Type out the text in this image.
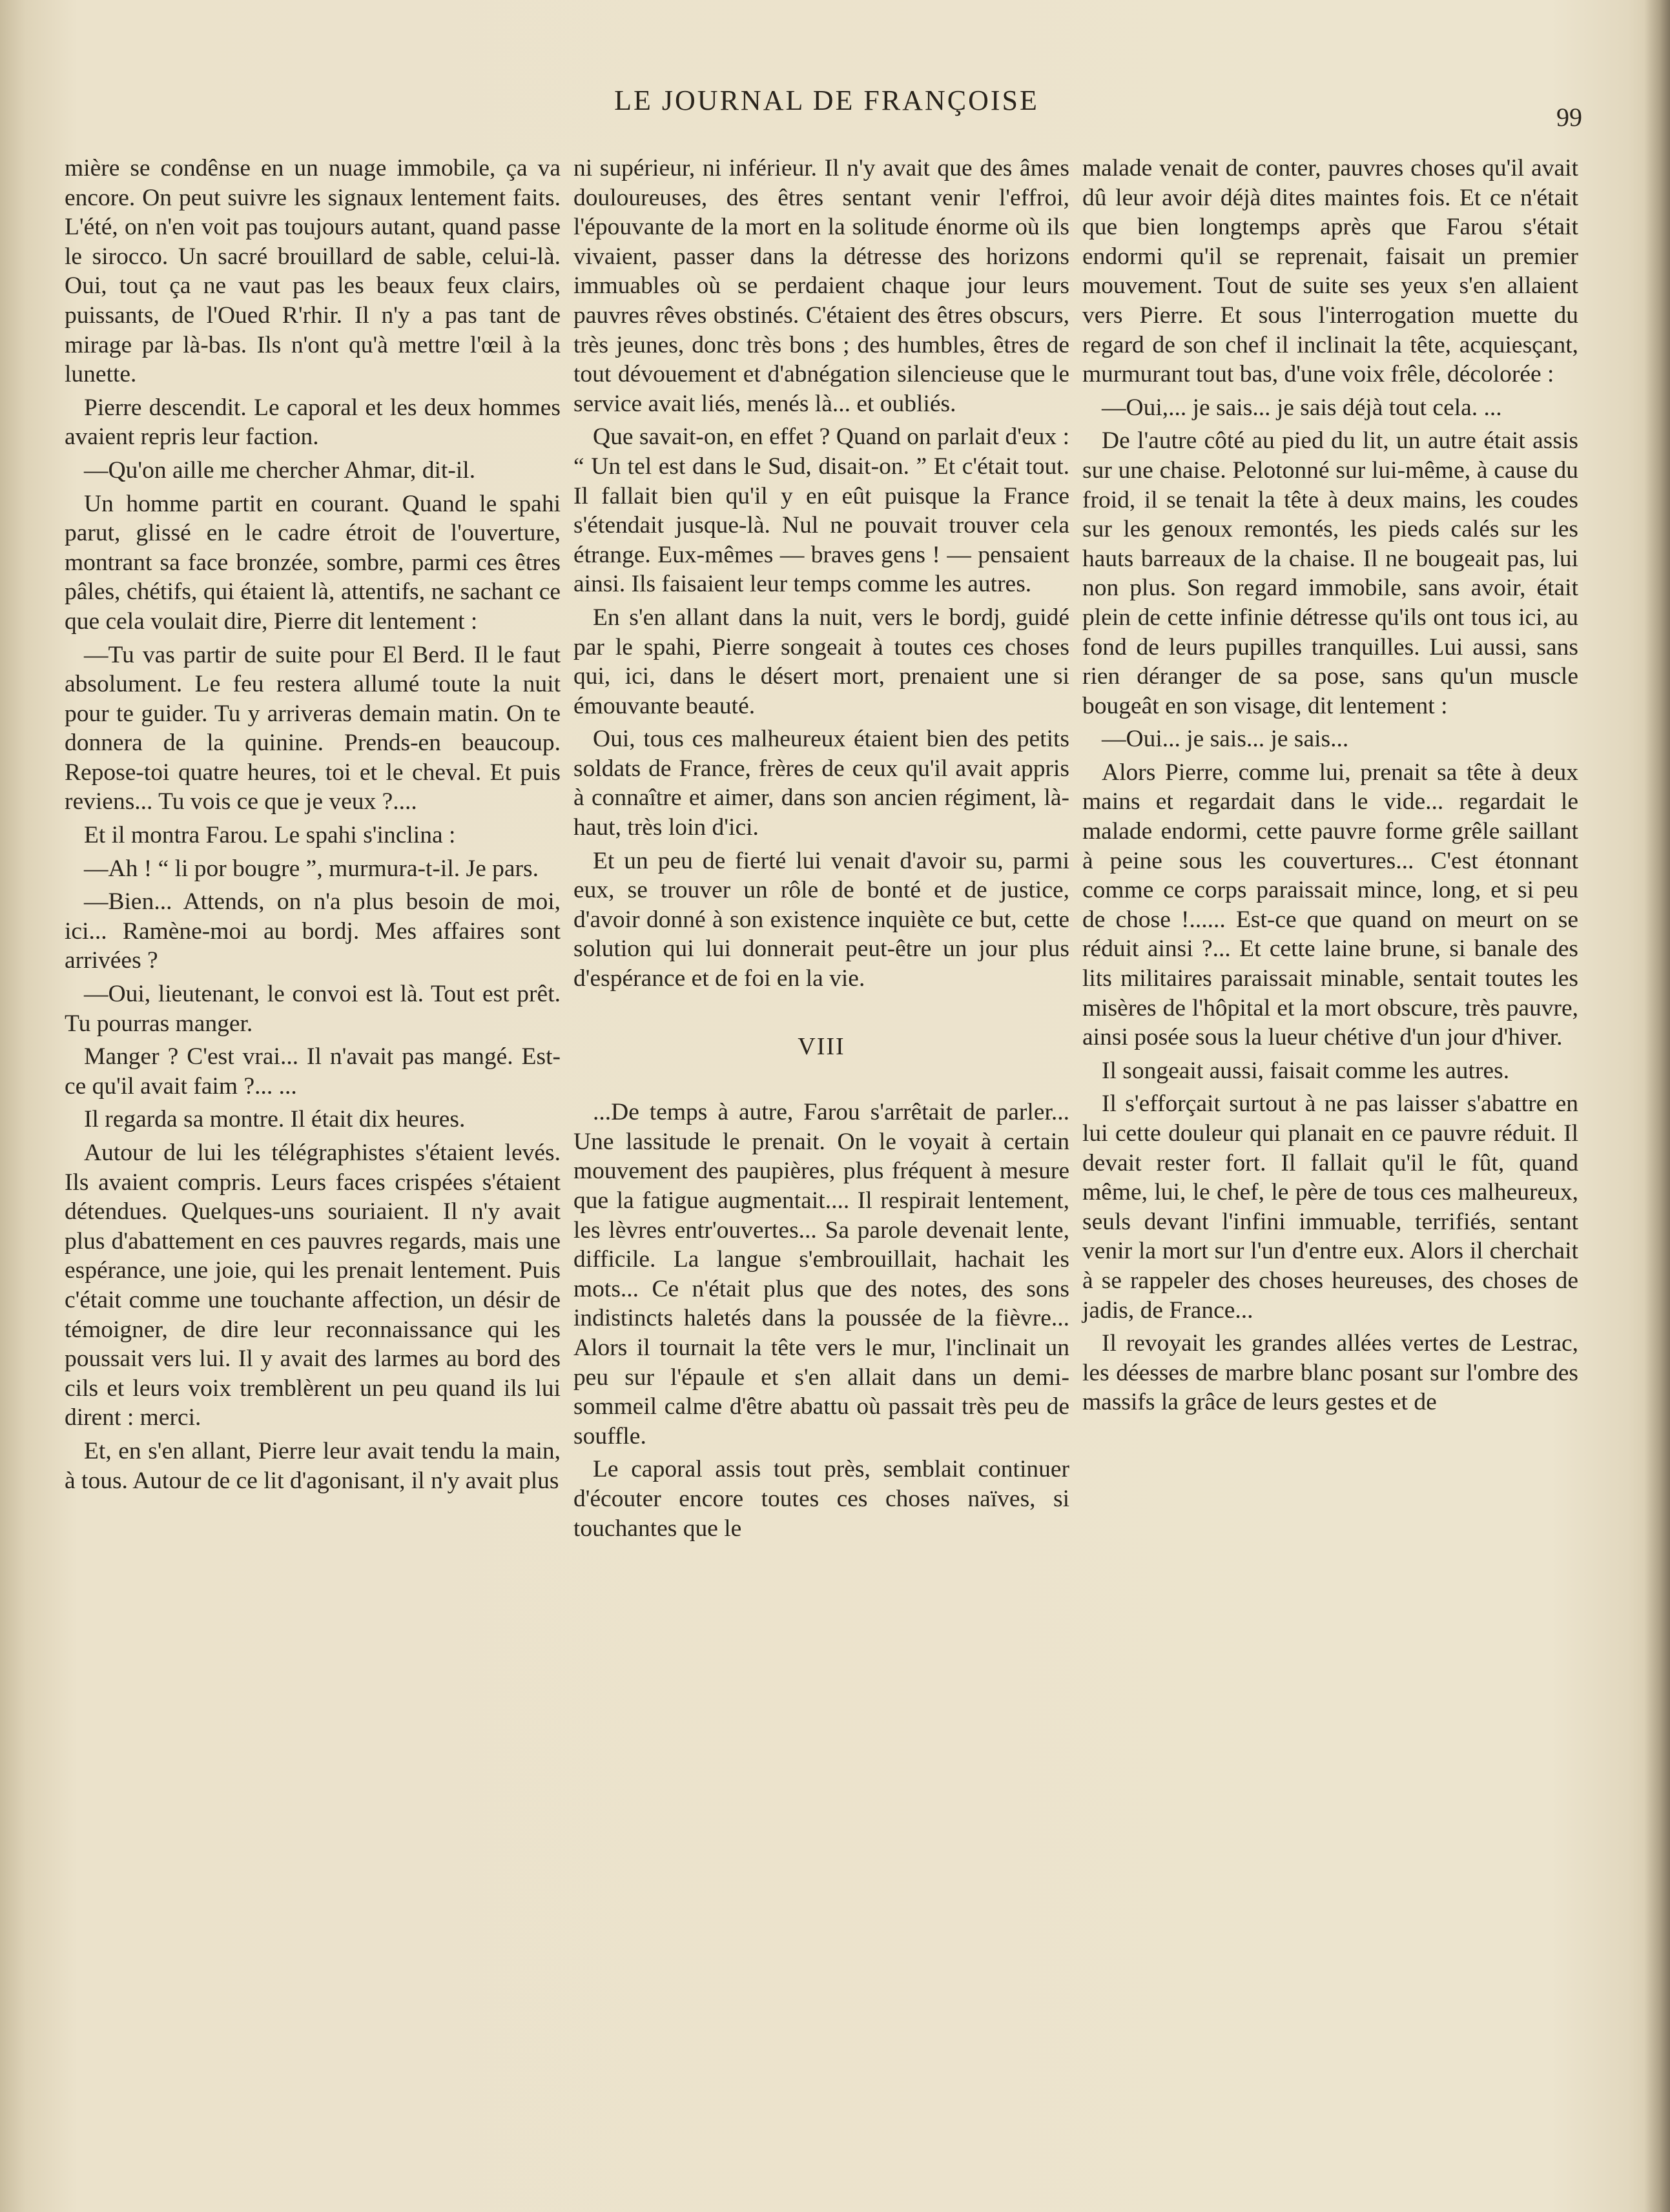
LE JOURNAL DE FRANÇOISE
99

mière se condênse en un nuage immobile, ça va encore. On peut suivre les signaux lentement faits. L'été, on n'en voit pas toujours autant, quand passe le sirocco. Un sacré brouillard de sable, celui-là. Oui, tout ça ne vaut pas les beaux feux clairs, puissants, de l'Oued R'rhir. Il n'y a pas tant de mirage par là-bas. Ils n'ont qu'à mettre l'œil à la lunette.

Pierre descendit. Le caporal et les deux hommes avaient repris leur faction.

—Qu'on aille me chercher Ahmar, dit-il.

Un homme partit en courant. Quand le spahi parut, glissé en le cadre étroit de l'ouverture, montrant sa face bronzée, sombre, parmi ces êtres pâles, chétifs, qui étaient là, attentifs, ne sachant ce que cela voulait dire, Pierre dit lentement :

—Tu vas partir de suite pour El Berd. Il le faut absolument. Le feu restera allumé toute la nuit pour te guider. Tu y arriveras demain matin. On te donnera de la quinine. Prends-en beaucoup. Repose-toi quatre heures, toi et le cheval. Et puis reviens... Tu vois ce que je veux ?....

Et il montra Farou. Le spahi s'inclina :

—Ah ! “ li por bougre ”, murmura-t-il. Je pars.

—Bien... Attends, on n'a plus besoin de moi, ici... Ramène-moi au bordj. Mes affaires sont arrivées ?

—Oui, lieutenant, le convoi est là. Tout est prêt. Tu pourras manger.

Manger ? C'est vrai... Il n'avait pas mangé. Est-ce qu'il avait faim ?... ...

Il regarda sa montre. Il était dix heures.

Autour de lui les télégraphistes s'étaient levés. Ils avaient compris. Leurs faces crispées s'étaient détendues. Quelques-uns souriaient. Il n'y avait plus d'abattement en ces pauvres regards, mais une espérance, une joie, qui les prenait lentement. Puis c'était comme une touchante affection, un désir de témoigner, de dire leur reconnaissance qui les poussait vers lui. Il y avait des larmes au bord des cils et leurs voix tremblèrent un peu quand ils lui dirent : merci.

Et, en s'en allant, Pierre leur avait tendu la main, à tous. Autour de ce lit d'agonisant, il n'y avait plus

ni supérieur, ni inférieur. Il n'y avait que des âmes douloureuses, des êtres sentant venir l'effroi, l'épouvante de la mort en la solitude énorme où ils vivaient, passer dans la détresse des horizons immuables où se perdaient chaque jour leurs pauvres rêves obstinés. C'étaient des êtres obscurs, très jeunes, donc très bons ; des humbles, êtres de tout dévouement et d'abnégation silencieuse que le service avait liés, menés là... et oubliés.

Que savait-on, en effet ? Quand on parlait d'eux : “ Un tel est dans le Sud, disait-on. ” Et c'était tout. Il fallait bien qu'il y en eût puisque la France s'étendait jusque-là. Nul ne pouvait trouver cela étrange. Eux-mêmes — braves gens ! — pensaient ainsi. Ils faisaient leur temps comme les autres.

En s'en allant dans la nuit, vers le bordj, guidé par le spahi, Pierre songeait à toutes ces choses qui, ici, dans le désert mort, prenaient une si émouvante beauté.

Oui, tous ces malheureux étaient bien des petits soldats de France, frères de ceux qu'il avait appris à connaître et aimer, dans son ancien régiment, là-haut, très loin d'ici.

Et un peu de fierté lui venait d'avoir su, parmi eux, se trouver un rôle de bonté et de justice, d'avoir donné à son existence inquiète ce but, cette solution qui lui donnerait peut-être un jour plus d'espérance et de foi en la vie.

VIII

...De temps à autre, Farou s'arrêtait de parler... Une lassitude le prenait. On le voyait à certain mouvement des paupières, plus fréquent à mesure que la fatigue augmentait.... Il respirait lentement, les lèvres entr'ouvertes... Sa parole devenait lente, difficile. La langue s'embrouillait, hachait les mots... Ce n'était plus que des notes, des sons indistincts haletés dans la poussée de la fièvre... Alors il tournait la tête vers le mur, l'inclinait un peu sur l'épaule et s'en allait dans un demi-sommeil calme d'être abattu où passait très peu de souffle.

Le caporal assis tout près, semblait continuer d'écouter encore toutes ces choses naïves, si touchantes que le

malade venait de conter, pauvres choses qu'il avait dû leur avoir déjà dites maintes fois. Et ce n'était que bien longtemps après que Farou s'était endormi qu'il se reprenait, faisait un premier mouvement. Tout de suite ses yeux s'en allaient vers Pierre. Et sous l'interrogation muette du regard de son chef il inclinait la tête, acquiesçant, murmurant tout bas, d'une voix frêle, décolorée :

—Oui,... je sais... je sais déjà tout cela. ...

De l'autre côté au pied du lit, un autre était assis sur une chaise. Pelotonné sur lui-même, à cause du froid, il se tenait la tête à deux mains, les coudes sur les genoux remontés, les pieds calés sur les hauts barreaux de la chaise. Il ne bougeait pas, lui non plus. Son regard immobile, sans avoir, était plein de cette infinie détresse qu'ils ont tous ici, au fond de leurs pupilles tranquilles. Lui aussi, sans rien déranger de sa pose, sans qu'un muscle bougeât en son visage, dit lentement :

—Oui... je sais... je sais...

Alors Pierre, comme lui, prenait sa tête à deux mains et regardait dans le vide... regardait le malade endormi, cette pauvre forme grêle saillant à peine sous les couvertures... C'est étonnant comme ce corps paraissait mince, long, et si peu de chose !...... Est-ce que quand on meurt on se réduit ainsi ?... Et cette laine brune, si banale des lits militaires paraissait minable, sentait toutes les misères de l'hôpital et la mort obscure, très pauvre, ainsi posée sous la lueur chétive d'un jour d'hiver.

Il songeait aussi, faisait comme les autres.

Il s'efforçait surtout à ne pas laisser s'abattre en lui cette douleur qui planait en ce pauvre réduit. Il devait rester fort. Il fallait qu'il le fût, quand même, lui, le chef, le père de tous ces malheureux, seuls devant l'infini immuable, terrifiés, sentant venir la mort sur l'un d'entre eux. Alors il cherchait à se rappeler des choses heureuses, des choses de jadis, de France...

Il revoyait les grandes allées vertes de Lestrac, les déesses de marbre blanc posant sur l'ombre des massifs la grâce de leurs gestes et de
